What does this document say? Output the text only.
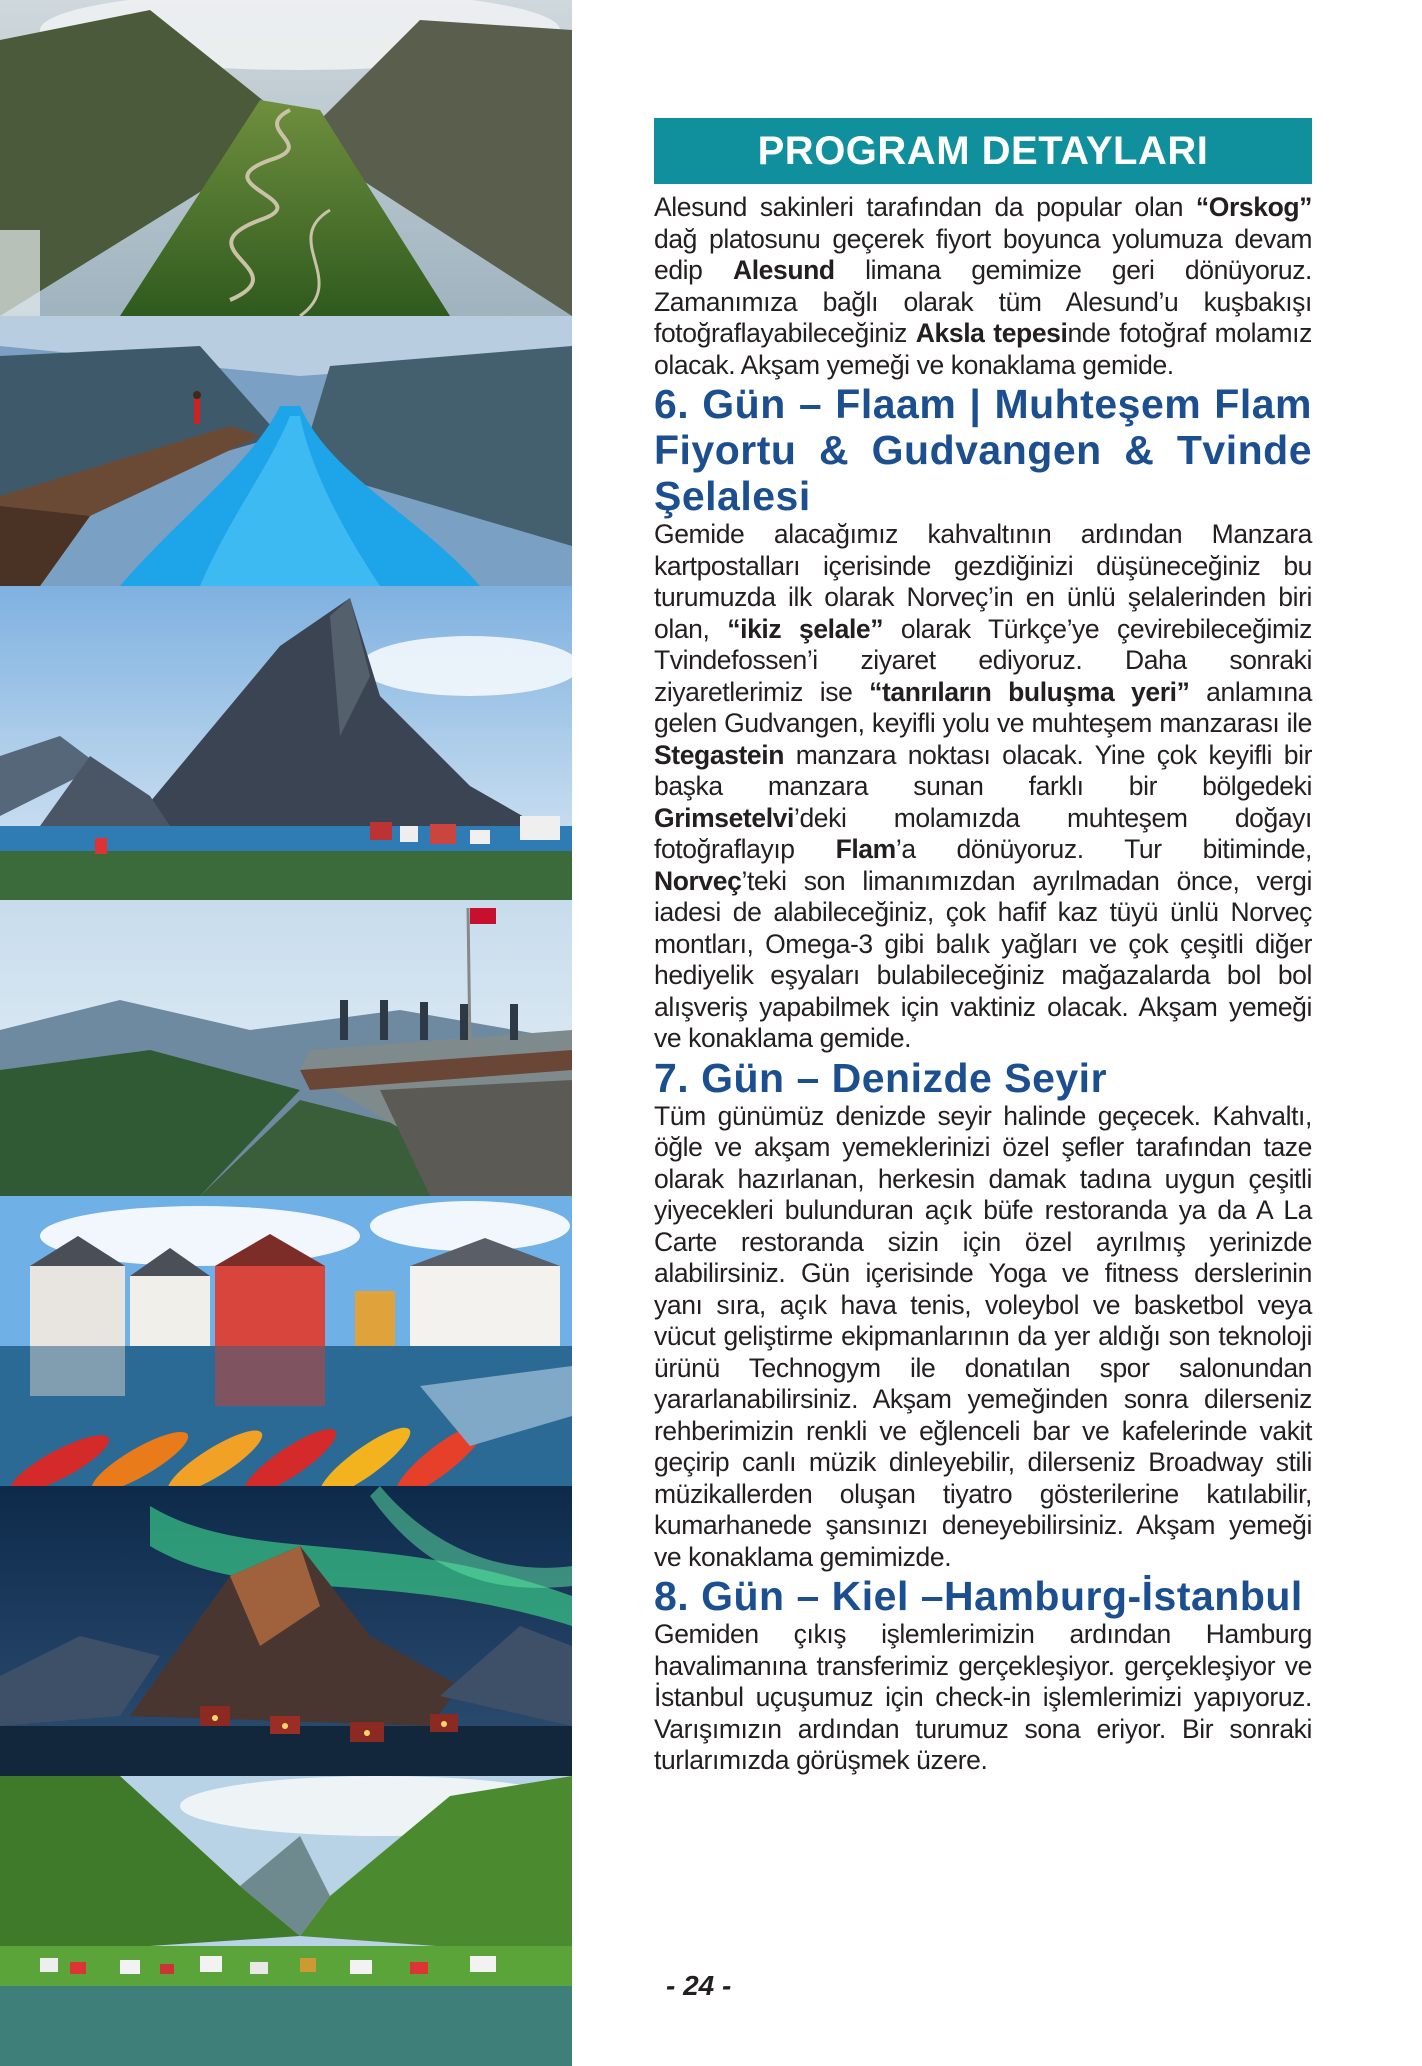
PROGRAM DETAYLARI

Alesund sakinleri tarafından da popular olan “Orskog” dağ platosunu geçerek fiyort boyunca yolumuza devam edip Alesund limana gemimize geri dönüyoruz. Zamanımıza bağlı olarak tüm Alesund’u kuşbakışı fotoğraflayabileceğiniz Aksla tepesinde fotoğraf molamız olacak. Akşam yemeği ve konaklama gemide.

6. Gün – Flaam | Muhteşem Flam Fiyortu & Gudvangen & Tvinde Şelalesi

Gemide alacağımız kahvaltının ardından Manzara kartpostalları içerisinde gezdiğinizi düşüneceğiniz bu turumuzda ilk olarak Norveç’in en ünlü şelalerinden biri olan, “ikiz şelale” olarak Türkçe’ye çevirebileceğimiz Tvindefossen’i ziyaret ediyoruz. Daha sonraki ziyaretlerimiz ise “tanrıların buluşma yeri” anlamına gelen Gudvangen, keyifli yolu ve muhteşem manzarası ile Stegastein manzara noktası olacak. Yine çok keyifli bir başka manzara sunan farklı bir bölgedeki Grimsetelvi’deki molamızda muhteşem doğayı fotoğraflayıp Flam’a dönüyoruz. Tur bitiminde, Norveç’teki son limanımızdan ayrılmadan önce, vergi iadesi de alabileceğiniz, çok hafif kaz tüyü ünlü Norveç montları, Omega-3 gibi balık yağları ve çok çeşitli diğer hediyelik eşyaları bulabileceğiniz mağazalarda bol bol alışveriş yapabilmek için vaktiniz olacak. Akşam yemeği ve konaklama gemide.

7. Gün – Denizde Seyir

Tüm günümüz denizde seyir halinde geçecek. Kahvaltı, öğle ve akşam yemeklerinizi özel şefler tarafından taze olarak hazırlanan, herkesin damak tadına uygun çeşitli yiyecekleri bulunduran açık büfe restoranda ya da A La Carte restoranda sizin için özel ayrılmış yerinizde alabilirsiniz. Gün içerisinde Yoga ve fitness derslerinin yanı sıra, açık hava tenis, voleybol ve basketbol veya vücut geliştirme ekipmanlarının da yer aldığı son teknoloji ürünü Technogym ile donatılan spor salonundan yararlanabilirsiniz. Akşam yemeğinden sonra dilerseniz rehberimizin renkli ve eğlenceli bar ve kafelerinde vakit geçirip canlı müzik dinleyebilir, dilerseniz Broadway stili müzikallerden oluşan tiyatro gösterilerine katılabilir, kumarhanede şansınızı deneyebilirsiniz. Akşam yemeği ve konaklama gemimizde.

8. Gün – Kiel –Hamburg-İstanbul

Gemiden çıkış işlemlerimizin ardından Hamburg havalimanına transferimiz gerçekleşiyor. gerçekleşiyor ve İstanbul uçuşumuz için check-in işlemlerimizi yapıyoruz. Varışımızın ardından turumuz sona eriyor. Bir sonraki turlarımızda görüşmek üzere.

- 24 -
